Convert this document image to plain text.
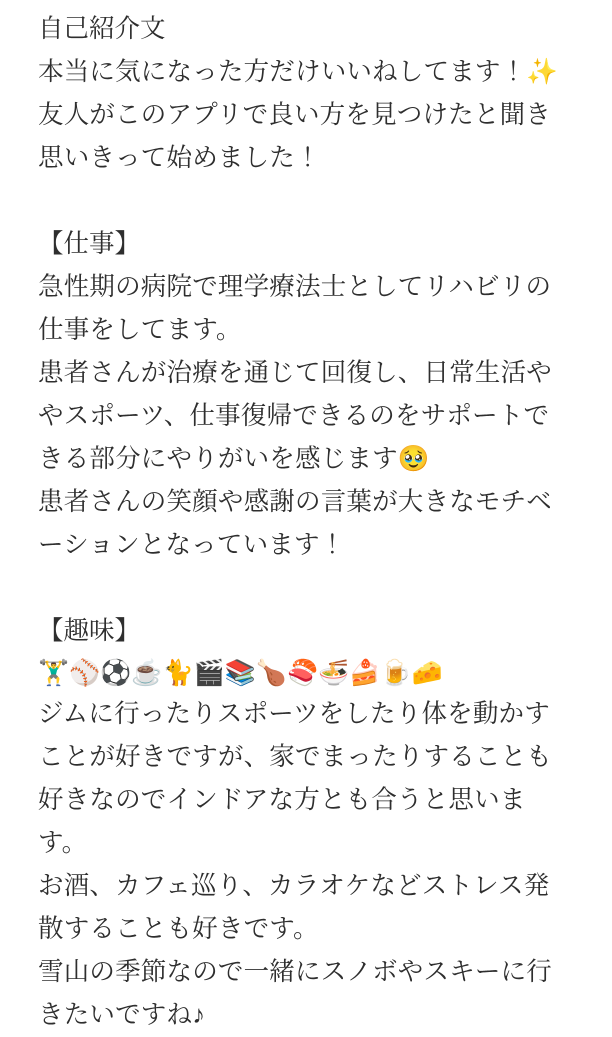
自己紹介文
本当に気になった方だけいいねしてます！✨
友人がこのアプリで良い方を見つけたと聞き
思いきって始めました！
【仕事】
急性期の病院で理学療法士としてリハビリの
仕事をしてます。
患者さんが治療を通じて回復し、日常生活や
やスポーツ、仕事復帰できるのをサポートで
きる部分にやりがいを感じます🥹
患者さんの笑顔や感謝の言葉が大きなモチベ
ーションとなっています！
【趣味】
🏋️‍♂️⚾️⚽️☕️🐈🎬📚🍗🍣🍜🍰🍺🧀
ジムに行ったりスポーツをしたり体を動かす
ことが好きですが、家でまったりすることも
好きなのでインドアな方とも合うと思いま
す。
お酒、カフェ巡り、カラオケなどストレス発
散することも好きです。
雪山の季節なので一緒にスノボやスキーに行
きたいですね♪
